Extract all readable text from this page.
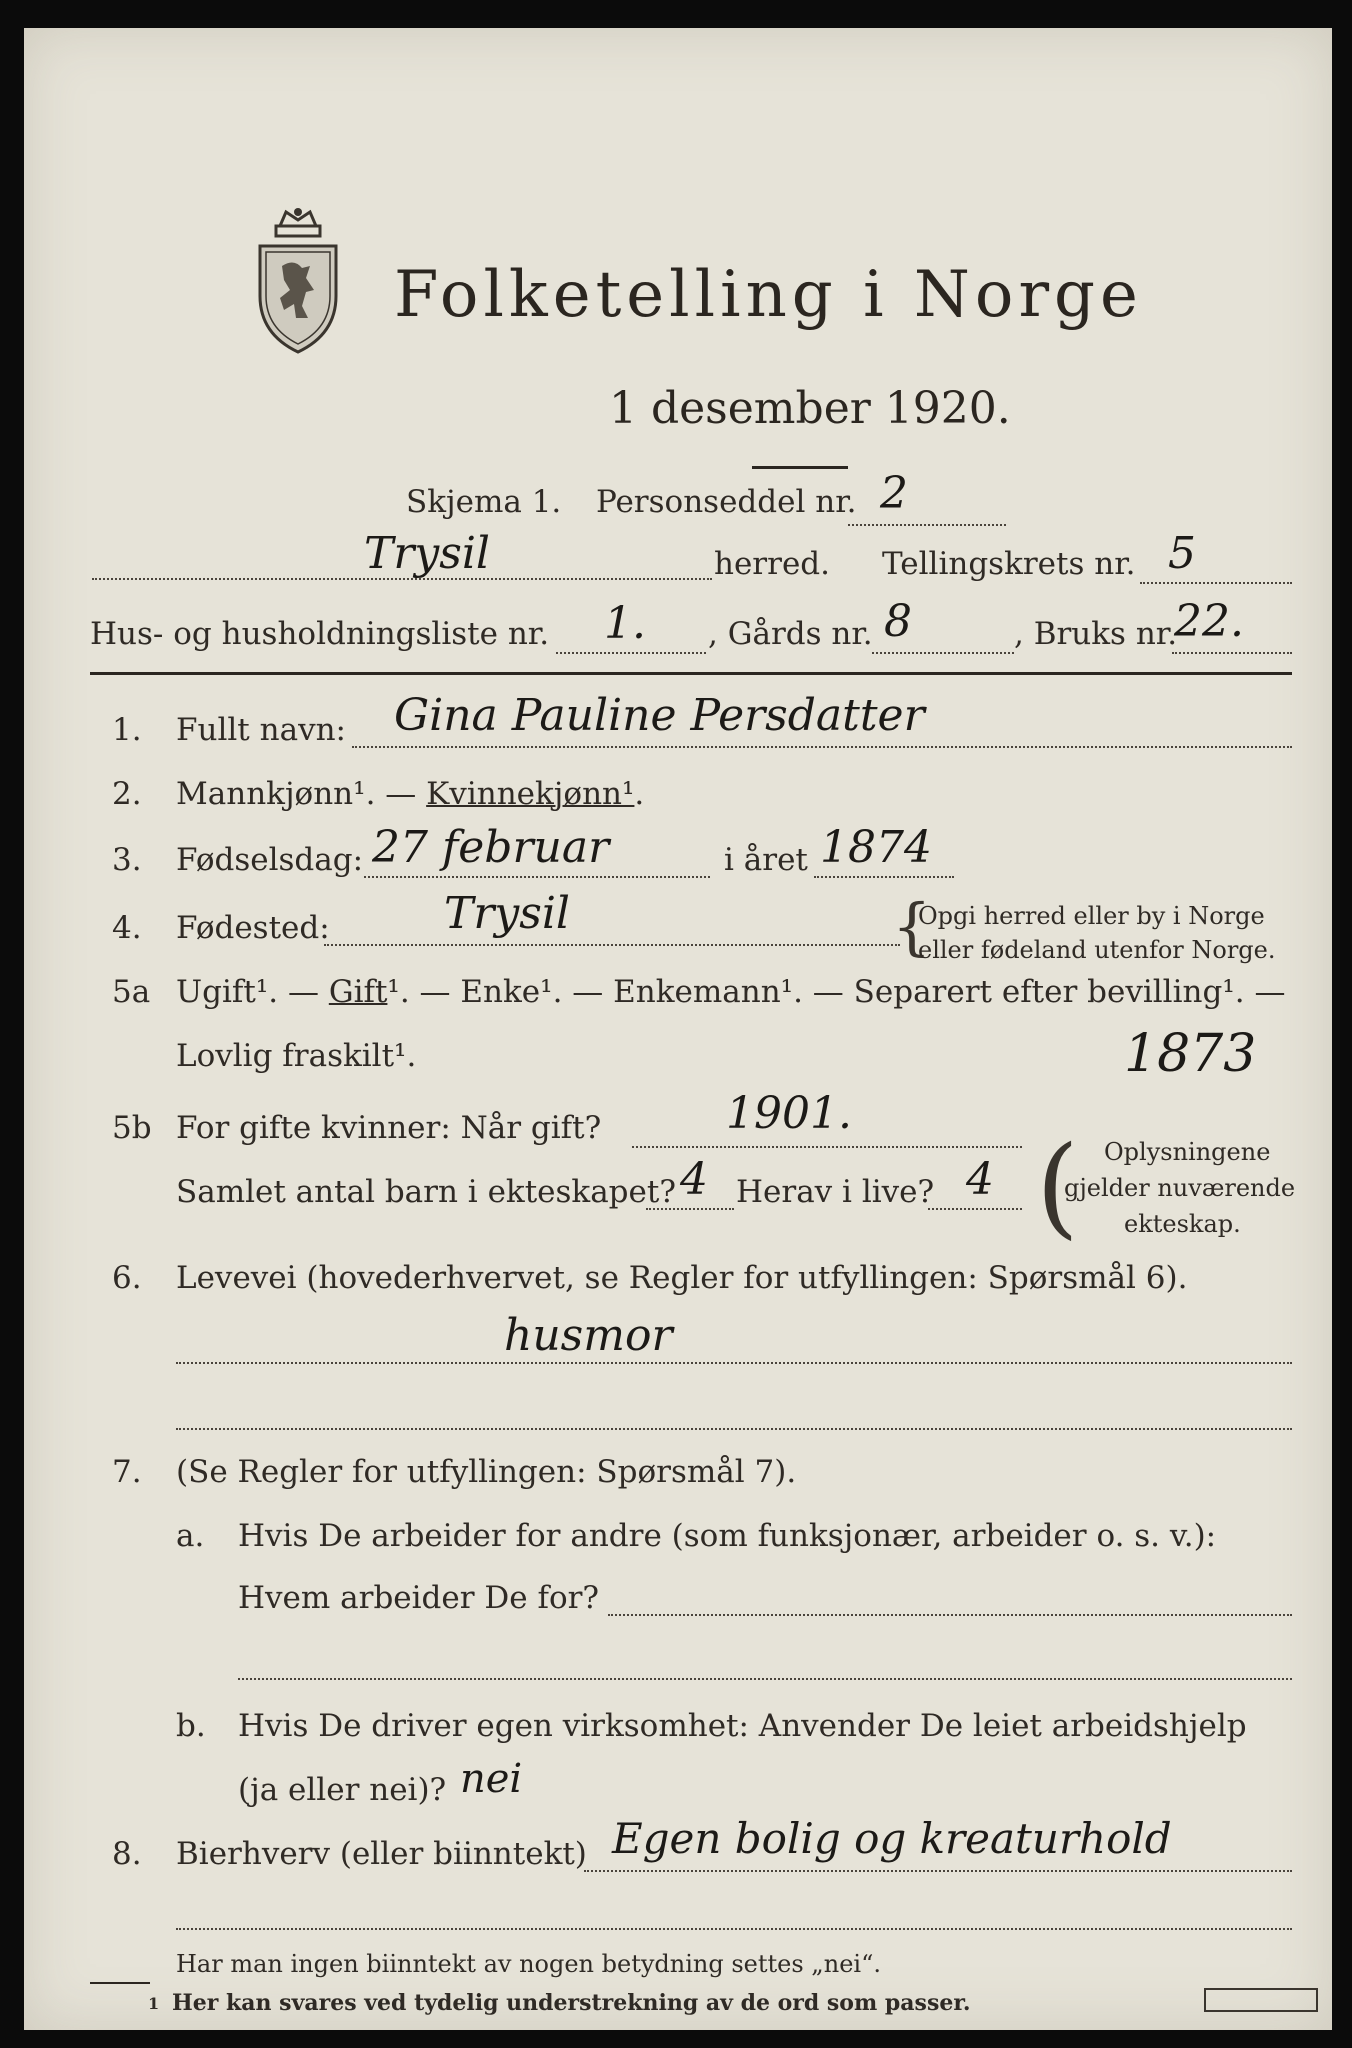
Folketelling i Norge
1 desember 1920.
Skjema 1. Personseddel nr. 2
Trysil	herred. Tellingskrets nr. 5
Hus- og husholdningsliste nr. 1. , Gårds nr. 8	, Bruks nr.
22.
1. Fullt navn: Gina Pauline Persdatter
2. Mannkjønn¹. — Kvinnekjønn¹.
3. Fødselsdag: 27 februar	i året 1874
4. Fødested:	Trysil	{
Opgi herred eller by i Norge
eller fødeland utenfor Norge.
5a Ugift¹. — Gift¹. — Enke¹. — Enkemann¹. — Separert efter bevilling¹. —
Lovlig fraskilt¹.	1873
5b For gifte kvinner: Når gift?	1901.
Samlet antal barn i ekteskapet? 4 Herav i live? 4 ( Oplysningene
gjelder nuværende
ekteskap.
6. Levevei (hovederhvervet, se Regler for utfyllingen: Spørsmål 6).
husmor
7. (Se Regler for utfyllingen: Spørsmål 7).
a. Hvis De arbeider for andre (som funksjonær, arbeider o. s. v.):
Hvem arbeider De for?
b. Hvis De driver egen virksomhet: Anvender De leiet arbeidshjelp
(ja eller nei)? nei
8. Bierhverv (eller biinntekt) Egen bolig og kreaturhold
Har man ingen biinntekt av nogen betydning settes „nei“.
1 Her kan svares ved tydelig understrekning av de ord som passer.
